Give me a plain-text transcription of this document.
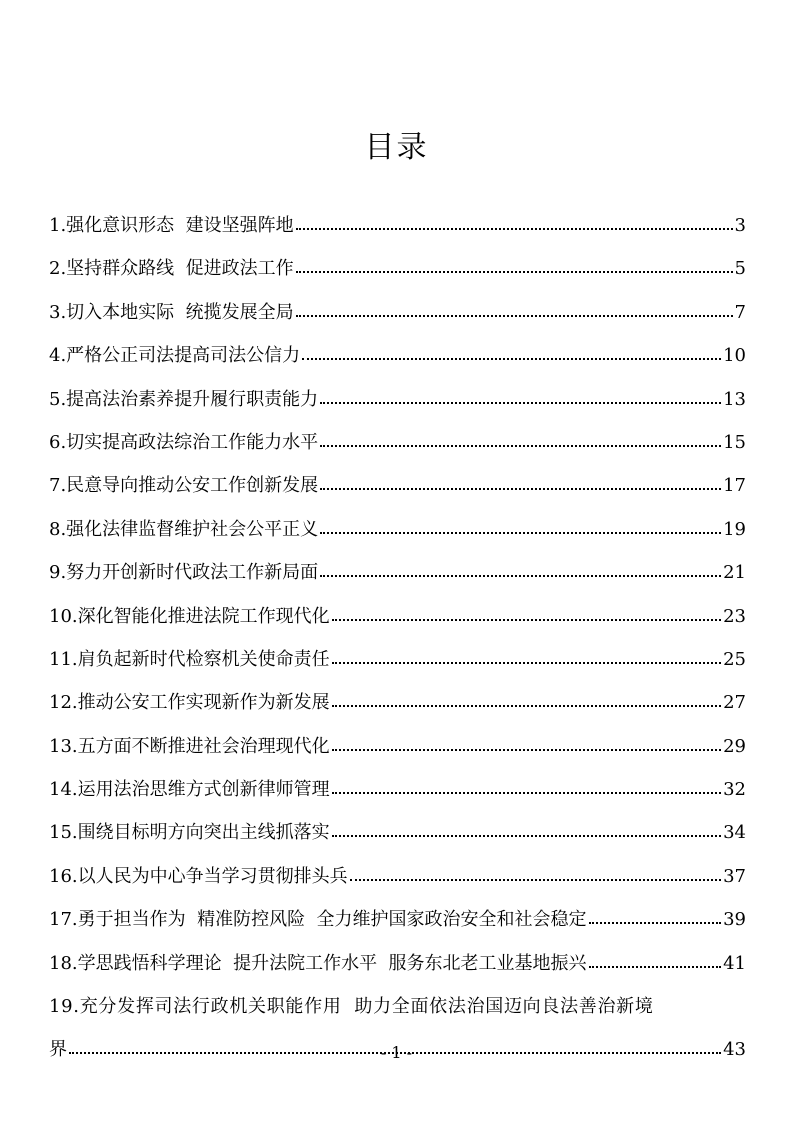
目录
1.强化意识形态  建设坚强阵地	3
2.坚持群众路线  促进政法工作	5
3.切入本地实际  统揽发展全局	7
4.严格公正司法提高司法公信力	10
5.提高法治素养提升履行职责能力	13
6.切实提高政法综治工作能力水平	15
7.民意导向推动公安工作创新发展	17
8.强化法律监督维护社会公平正义	19
9.努力开创新时代政法工作新局面	21
10.深化智能化推进法院工作现代化	23
11.肩负起新时代检察机关使命责任	25
12.推动公安工作实现新作为新发展	27
13.五方面不断推进社会治理现代化	29
14.运用法治思维方式创新律师管理	32
15.围绕目标明方向突出主线抓落实	34
16.以人民为中心争当学习贯彻排头兵	37
17.勇于担当作为  精准防控风险  全力维护国家政治安全和社会稳定	39
18.学思践悟科学理论  提升法院工作水平  服务东北老工业基地振兴	41
19.充分发挥司法行政机关职能作用  助力全面依法治国迈向良法善治新境
界	43
- 1 -
